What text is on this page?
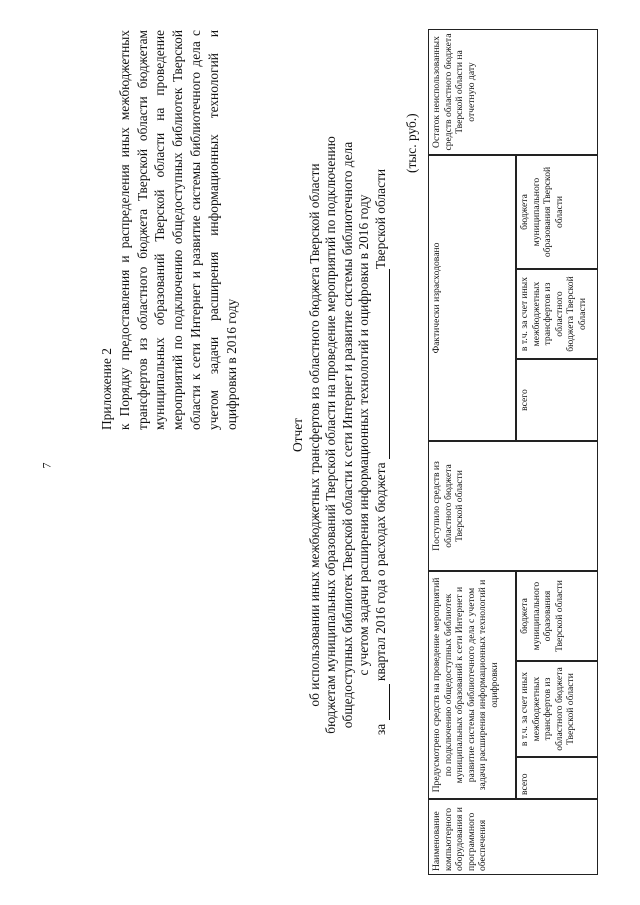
7
Приложение 2 к Порядку предоставления и распределения иных межбюджетных трансфертов из областного бюджета Тверской области бюджетам муниципальных образований Тверской области на проведение мероприятий по подключению общедоступных библиотек Тверской области к сети Интернет и развитие системы библиотечного дела с учетом задачи расширения информационных технологий и оцифровки в 2016 году
Отчет об использовании иных межбюджетных трансфертов из областного бюджета Тверской области бюджетам муниципальных образований Тверской области на проведение мероприятий по подключению общедоступных библиотек Тверской области к сети Интернет и развитие системы библиотечного дела с учетом задачи расширения информационных технологий и оцифровки в 2016 году
за  квартал 2016 года о расходах бюджета Тверской области
(тыс. руб.)
Наименование компьютерного оборудования и программного обеспечения
Предусмотрено средств на проведение мероприятий по подключению общедоступных библиотек муниципальных образований к сети Интернет и развитие системы библиотечного дела с учетом задачи расширения информационных технологий и оцифровки
всего
в т.ч. за счет иных межбюджетных трансфертов из областного бюджета Тверской области
бюджета муниципального образования Тверской области
Поступило средств из областного бюджета Тверской области
Фактически израсходовано
всего
в т.ч. за счет иных межбюджетных трансфертов из областного бюджета Тверской области
бюджета муниципального образования Тверской области
Остаток неиспользованных средств областного бюджета Тверской области на отчетную дату
